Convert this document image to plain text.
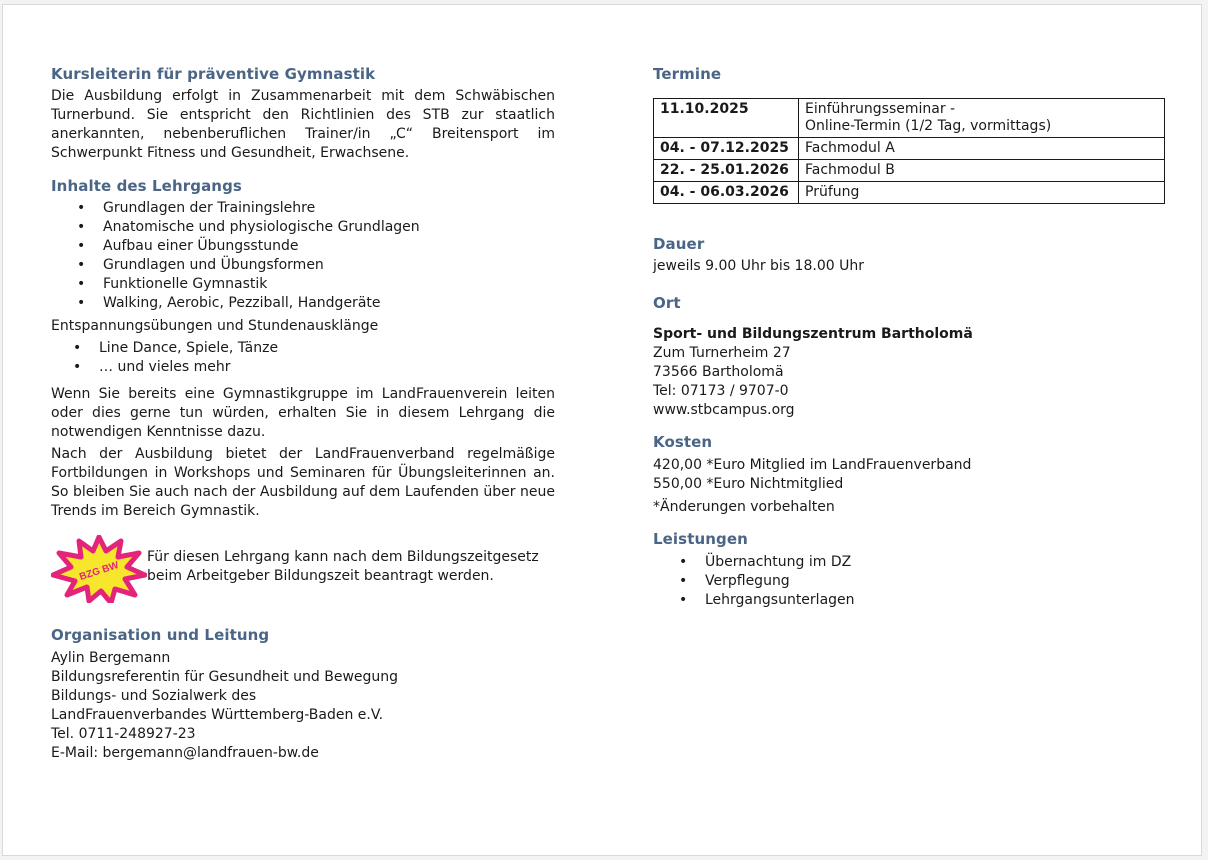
Kursleiterin für präventive Gymnastik

Die Ausbildung erfolgt in Zusammenarbeit mit dem Schwäbischen Turnerbund. Sie entspricht den Richtlinien des STB zur staatlich anerkannten, nebenberuflichen Trainer/in „C“ Breitensport im Schwerpunkt Fitness und Gesundheit, Erwachsene.

Inhalte des Lehrgangs
• Grundlagen der Trainingslehre
• Anatomische und physiologische Grundlagen
• Aufbau einer Übungsstunde
• Grundlagen und Übungsformen
• Funktionelle Gymnastik
• Walking, Aerobic, Pezziball, Handgeräte

Entspannungsübungen und Stundenausklänge

• Line Dance, Spiele, Tänze
• … und vieles mehr

Wenn Sie bereits eine Gymnastikgruppe im LandFrauenverein leiten oder dies gerne tun würden, erhalten Sie in diesem Lehrgang die notwendigen Kenntnisse dazu.

Nach der Ausbildung bietet der LandFrauenverband regelmäßige Fortbildungen in Workshops und Seminaren für Übungsleiterinnen an. So bleiben Sie auch nach der Ausbildung auf dem Laufenden über neue Trends im Bereich Gymnastik.

BZG BW

Für diesen Lehrgang kann nach dem Bildungszeitgesetz beim Arbeitgeber Bildungszeit beantragt werden.

Organisation und Leitung
Aylin Bergemann
Bildungsreferentin für Gesundheit und Bewegung
Bildungs- und Sozialwerk des
LandFrauenverbandes Württemberg-Baden e.V.
Tel. 0711-248927-23
E-Mail: bergemann@landfrauen-bw.de
Termine
11.10.2025	Einführungsseminar -
Online-Termin (1/2 Tag, vormittags)

04. - 07.12.2025	Fachmodul A
22. - 25.01.2026	Fachmodul B
04. - 06.03.2026	Prüfung
Dauer

jeweils 9.00 Uhr bis 18.00 Uhr

Ort
Sport- und Bildungszentrum Bartholomä
Zum Turnerheim 27
73566 Bartholomä
Tel: 07173 / 9707-0
www.stbcampus.org
Kosten
420,00 *Euro Mitglied im LandFrauenverband
550,00 *Euro Nichtmitglied

*Änderungen vorbehalten

Leistungen
• Übernachtung im DZ
• Verpflegung
• Lehrgangsunterlagen
